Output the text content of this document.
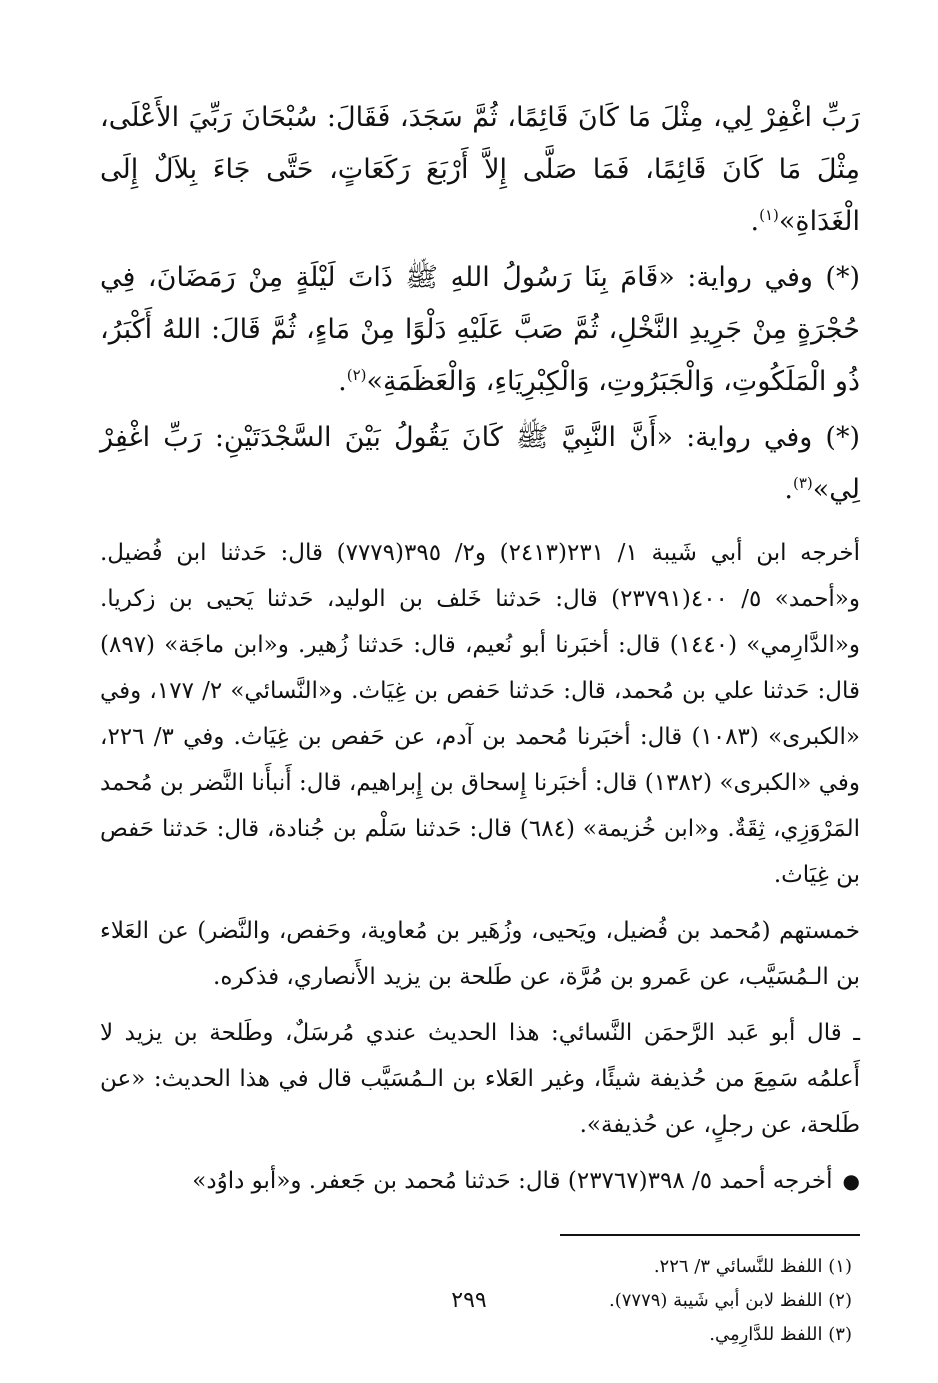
رَبِّ اغْفِرْ لِي، مِثْلَ مَا كَانَ قَائِمًا، ثُمَّ سَجَدَ، فَقَالَ: سُبْحَانَ رَبِّيَ الأَعْلَى، مِثْلَ مَا كَانَ قَائِمًا، فَمَا صَلَّى إِلاَّ أَرْبَعَ رَكَعَاتٍ، حَتَّى جَاءَ بِلاَلٌ إِلَى الْغَدَاةِ»$^{(١)}$.

(*) وفي رواية: «قَامَ بِنَا رَسُولُ اللهِ ﷺ ذَاتَ لَيْلَةٍ مِنْ رَمَضَانَ، فِي حُجْرَةٍ مِنْ جَرِيدِ النَّخْلِ، ثُمَّ صَبَّ عَلَيْهِ دَلْوًا مِنْ مَاءٍ، ثُمَّ قَالَ: اللهُ أَكْبَرُ، ذُو الْمَلَكُوتِ، وَالْجَبَرُوتِ، وَالْكِبْرِيَاءِ، وَالْعَظَمَةِ»$^{(٢)}$.

(*) وفي رواية: «أَنَّ النَّبِيَّ ﷺ كَانَ يَقُولُ بَيْنَ السَّجْدَتَيْنِ: رَبِّ اغْفِرْ لِي»$^{(٣)}$.

أخرجه ابن أبي شَيبة ١/ ٢٣١(٢٤١٣) و٢/ ٣٩٥(٧٧٧٩) قال: حَدثنا ابن فُضيل. و«أحمد» ٥/ ٤٠٠(٢٣٧٩١) قال: حَدثنا خَلف بن الوليد، حَدثنا يَحيى بن زكريا. و«الدَّارِمي» (١٤٤٠) قال: أخبَرنا أبو نُعيم، قال: حَدثنا زُهير. و«ابن ماجَة» (٨٩٧) قال: حَدثنا علي بن مُحمد، قال: حَدثنا حَفص بن غِيَاث. و«النَّسائي» ٢/ ١٧٧، وفي «الكبرى» (١٠٨٣) قال: أخبَرنا مُحمد بن آدم، عن حَفص بن غِيَاث. وفي ٣/ ٢٢٦، وفي «الكبرى» (١٣٨٢) قال: أخبَرنا إِسحاق بن إِبراهيم، قال: أَنبأَنا النَّضر بن مُحمد المَرْوَزِي، ثِقَةٌ. و«ابن خُزيمة» (٦٨٤) قال: حَدثنا سَلْم بن جُنادة، قال: حَدثنا حَفص بن غِيَاث.

خمستهم (مُحمد بن فُضيل، ويَحيى، وزُهَير بن مُعاوية، وحَفص، والنَّضر) عن العَلاء بن الـمُسَيَّب، عن عَمرو بن مُرَّة، عن طَلحة بن يزيد الأَنصاري، فذكره.

ـ قال أبو عَبد الرَّحمَن النَّسائي: هذا الحديث عندي مُرسَلٌ، وطَلحة بن يزيد لا أَعلمُه سَمِعَ من حُذيفة شيئًا، وغير العَلاء بن الـمُسَيَّب قال في هذا الحديث: «عن طَلحة، عن رجلٍ، عن حُذيفة».

●أخرجه أحمد ٥/ ٣٩٨(٢٣٧٦٧) قال: حَدثنا مُحمد بن جَعفر. و«أبو داوُد»

(١) اللفظ للنَّسائي ٣/ ٢٢٦.
(٢) اللفظ لابن أبي شَيبة (٧٧٧٩).
(٣) اللفظ للدَّارِمِي.
٢٩٩
